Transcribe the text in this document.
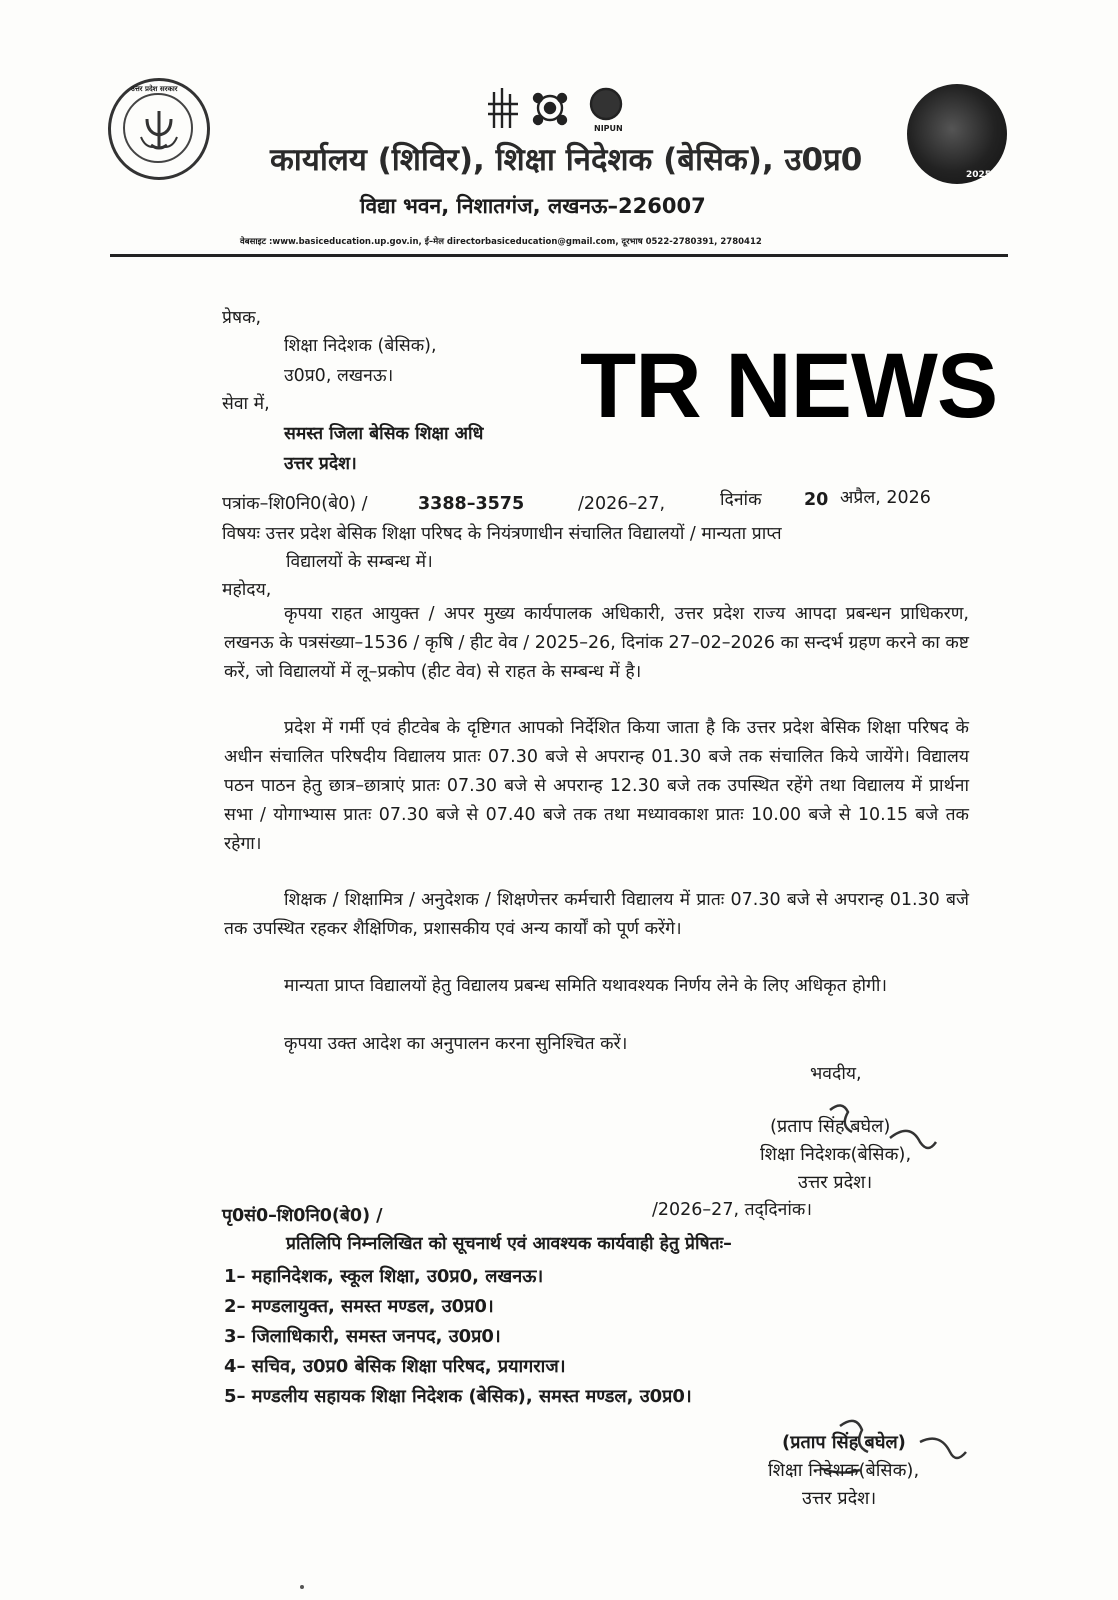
उत्तर प्रदेश सरकार
NIPUN
2025
कार्यालय (शिविर), शिक्षा निदेशक (बेसिक), उ0प्र0
विद्या भवन, निशातगंज, लखनऊ–226007
वेबसाइट :www.basiceducation.up.gov.in, ई–मेल directorbasiceducation@gmail.com, दूरभाष 0522-2780391, 2780412
TR NEWS
प्रेषक,
शिक्षा निदेशक (बेसिक),
उ0प्र0, लखनऊ।
सेवा में,
समस्त जिला बेसिक शिक्षा अधि
उत्तर प्रदेश।
पत्रांक–शि0नि0(बे0) /	3388–3575	/2026–27,	दिनांक 20 अप्रैल, 2026
विषयः उत्तर प्रदेश बेसिक शिक्षा परिषद के नियंत्रणाधीन संचालित विद्यालयों / मान्यता प्राप्त
विद्यालयों के सम्बन्ध में।
महोदय,
कृपया राहत आयुक्त / अपर मुख्य कार्यपालक अधिकारी, उत्तर प्रदेश राज्य आपदा प्रबन्धन प्राधिकरण, लखनऊ के पत्रसंख्या–1536 / कृषि / हीट वेव / 2025–26, दिनांक 27–02–2026 का सन्दर्भ ग्रहण करने का कष्ट करें, जो विद्यालयों में लू–प्रकोप (हीट वेव) से राहत के सम्बन्ध में है।
प्रदेश में गर्मी एवं हीटवेब के दृष्टिगत आपको निर्देशित किया जाता है कि उत्तर प्रदेश बेसिक शिक्षा परिषद के अधीन संचालित परिषदीय विद्यालय प्रातः 07.30 बजे से अपरान्ह 01.30 बजे तक संचालित किये जायेंगे। विद्यालय पठन पाठन हेतु छात्र–छात्राएं प्रातः 07.30 बजे से अपरान्ह 12.30 बजे तक उपस्थित रहेंगे तथा विद्यालय में प्रार्थना सभा / योगाभ्यास प्रातः 07.30 बजे से 07.40 बजे तक तथा मध्यावकाश प्रातः 10.00 बजे से 10.15 बजे तक रहेगा।
शिक्षक / शिक्षामित्र / अनुदेशक / शिक्षणेत्तर कर्मचारी विद्यालय में प्रातः 07.30 बजे से अपरान्ह 01.30 बजे तक उपस्थित रहकर शैक्षिणिक, प्रशासकीय एवं अन्य कार्यों को पूर्ण करेंगे।
मान्यता प्राप्त विद्यालयों हेतु विद्यालय प्रबन्ध समिति यथावश्यक निर्णय लेने के लिए अधिकृत होगी।
कृपया उक्त आदेश का अनुपालन करना सुनिश्चित करें।
भवदीय,
(प्रताप सिंह बघेल)
शिक्षा निदेशक(बेसिक),
उत्तर प्रदेश।
पृ0सं0–शि0नि0(बे0) /	/2026–27, तद्‌दिनांक।
प्रतिलिपि निम्नलिखित को सूचनार्थ एवं आवश्यक कार्यवाही हेतु प्रेषितः–
1– महानिदेशक, स्कूल शिक्षा, उ0प्र0, लखनऊ।
2– मण्डलायुक्त, समस्त मण्डल, उ0प्र0।
3– जिलाधिकारी, समस्त जनपद, उ0प्र0।
4– सचिव, उ0प्र0 बेसिक शिक्षा परिषद, प्रयागराज।
5– मण्डलीय सहायक शिक्षा निदेशक (बेसिक), समस्त मण्डल, उ0प्र0।
(प्रताप सिंह बघेल)
शिक्षा निदेशक(बेसिक),
उत्तर प्रदेश।
